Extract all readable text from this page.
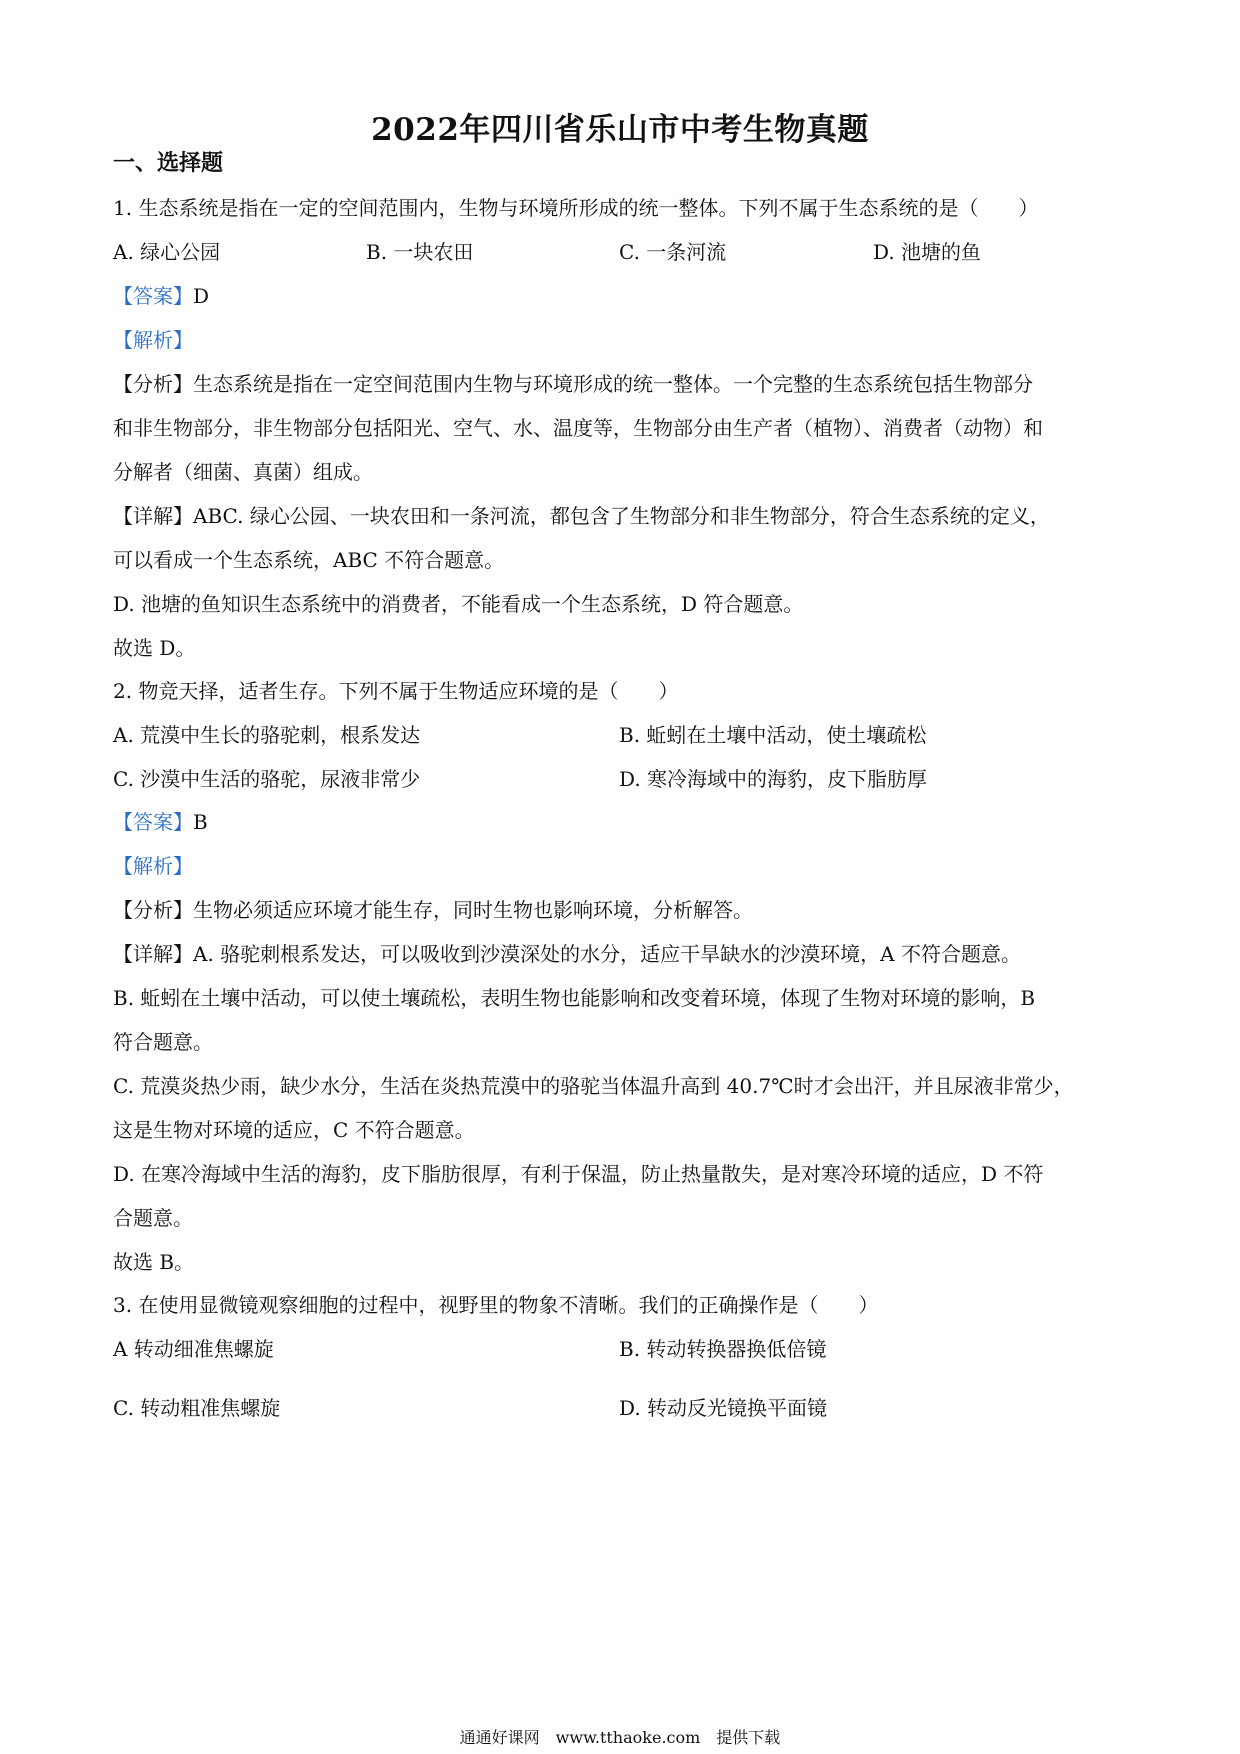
2022年四川省乐山市中考生物真题
一、选择题
1. 生态系统是指在一定的空间范围内，生物与环境所形成的统一整体。下列不属于生态系统的是（　　）
A. 绿心公园	B. 一块农田	C. 一条河流	D. 池塘的鱼
【答案】D
【解析】
【分析】生态系统是指在一定空间范围内生物与环境形成的统一整体。一个完整的生态系统包括生物部分
和非生物部分，非生物部分包括阳光、空气、水、温度等，生物部分由生产者（植物）、消费者（动物）和
分解者（细菌、真菌）组成。
【详解】ABC. 绿心公园、一块农田和一条河流，都包含了生物部分和非生物部分，符合生态系统的定义，
可以看成一个生态系统，ABC 不符合题意。
D. 池塘的鱼知识生态系统中的消费者，不能看成一个生态系统，D 符合题意。
故选 D。
2. 物竞天择，适者生存。下列不属于生物适应环境的是（　　）
A. 荒漠中生长的骆驼刺，根系发达	B. 蚯蚓在土壤中活动，使土壤疏松
C. 沙漠中生活的骆驼，尿液非常少	D. 寒冷海域中的海豹，皮下脂肪厚
【答案】B
【解析】
【分析】生物必须适应环境才能生存，同时生物也影响环境，分析解答。
【详解】A. 骆驼刺根系发达，可以吸收到沙漠深处的水分，适应干旱缺水的沙漠环境，A 不符合题意。
B. 蚯蚓在土壤中活动，可以使土壤疏松，表明生物也能影响和改变着环境，体现了生物对环境的影响，B
符合题意。
C. 荒漠炎热少雨，缺少水分，生活在炎热荒漠中的骆驼当体温升高到 40.7℃时才会出汗，并且尿液非常少，
这是生物对环境的适应，C 不符合题意。
D. 在寒冷海域中生活的海豹，皮下脂肪很厚，有利于保温，防止热量散失，是对寒冷环境的适应，D 不符
合题意。
故选 B。
3. 在使用显微镜观察细胞的过程中，视野里的物象不清晰。我们的正确操作是（　　）
A 转动细准焦螺旋	B. 转动转换器换低倍镜
C. 转动粗准焦螺旋	D. 转动反光镜换平面镜
通通好课网　www.tthaoke.com　提供下载
